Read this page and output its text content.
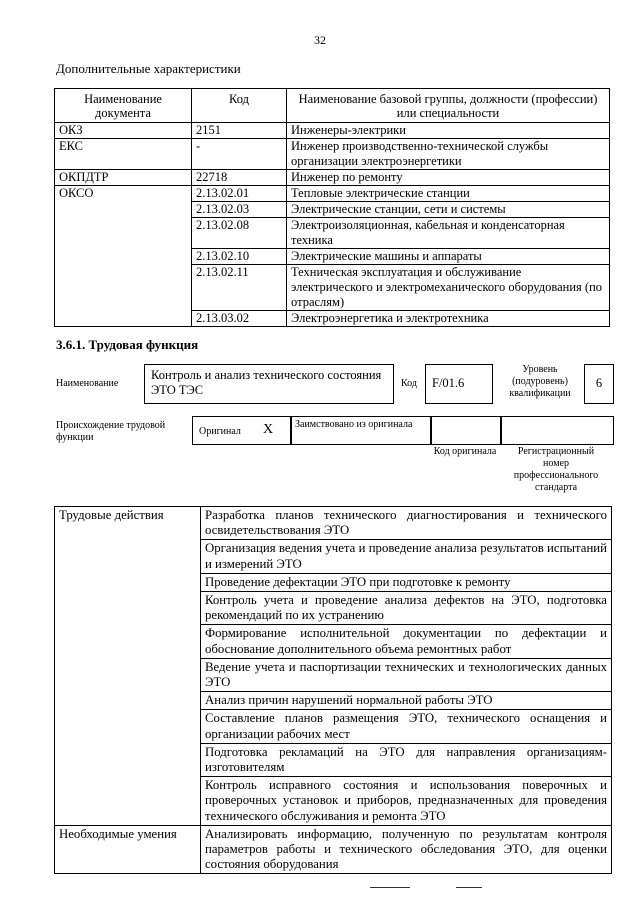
32
Дополнительные характеристики
Наименование документа	Код	Наименование базовой группы, должности (профессии) или специальности
ОКЗ	2151	Инженеры-электрики
ЕКС	-	Инженер производственно-технической службы организации электроэнергетики
ОКПДТР	22718	Инженер по ремонту
ОКСО	2.13.02.01	Тепловые электрические станции
	2.13.02.03	Электрические станции, сети и системы
	2.13.02.08	Электроизоляционная, кабельная и конденсаторная техника
	2.13.02.10	Электрические машины и аппараты
	2.13.02.11	Техническая эксплуатация и обслуживание электрического и электромеханического оборудования (по отраслям)
	2.13.03.02	Электроэнергетика и электротехника
3.6.1. Трудовая функция
Наименование
Контроль и анализ технического состояния ЭТО ТЭС	Код F/01.6
Уровень (подуровень) квалификации
6
Происхождение трудовой функции
Оригинал X Заимствовано из оригинала
Код оригинала	Регистрационный номер профессионального стандарта
Трудовые действия	Разработка планов технического диагностирования и технического освидетельствования ЭТО
	Организация ведения учета и проведение анализа результатов испытаний и измерений ЭТО
	Проведение дефектации ЭТО при подготовке к ремонту
	Контроль учета и проведение анализа дефектов на ЭТО, подготовка рекомендаций по их устранению
	Формирование исполнительной документации по дефектации и обоснование дополнительного объема ремонтных работ
	Ведение учета и паспортизации технических и технологических данных ЭТО
	Анализ причин нарушений нормальной работы ЭТО
	Составление планов размещения ЭТО, технического оснащения и организации рабочих мест
	Подготовка рекламаций на ЭТО для направления организациям-изготовителям
	Контроль исправного состояния и использования поверочных и проверочных установок и приборов, предназначенных для проведения технического обслуживания и ремонта ЭТО
Необходимые умения	Анализировать информацию, полученную по результатам контроля параметров работы и технического обследования ЭТО, для оценки состояния оборудования
